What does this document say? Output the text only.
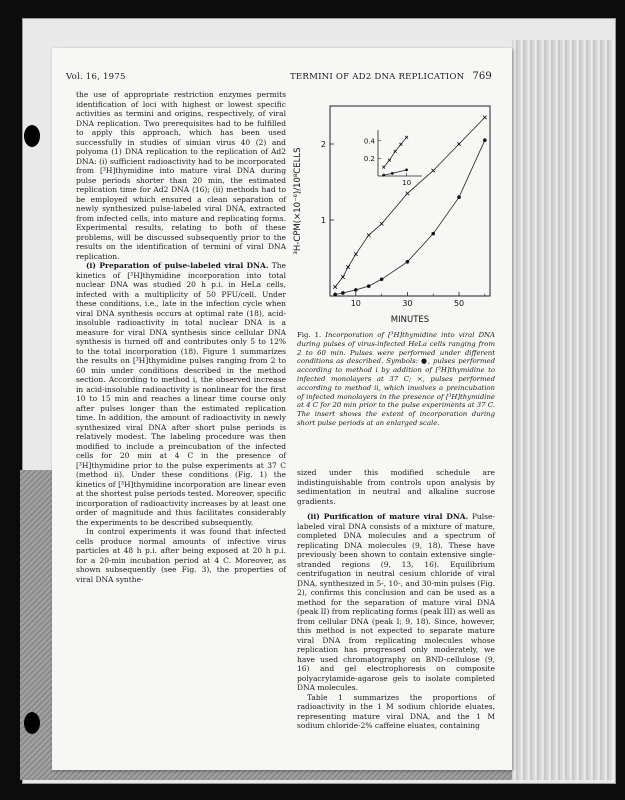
Vol. 16, 1975	TERMINI OF AD2 DNA REPLICATION 769

the use of appropriate restriction enzymes permits identification of loci with highest or lowest specific activities as termini and origins, respectively, of viral DNA replication. Two prerequisites had to be fulfilled to apply this approach, which has been used successfully in studies of simian virus 40 (2) and polyoma (1) DNA replication to the replication of Ad2 DNA: (i) sufficient radioactivity had to be incorporated from [³H]thymidine into mature viral DNA during pulse periods shorter than 20 min, the estimated replication time for Ad2 DNA (16); (ii) methods had to be employed which ensured a clean separation of newly synthesized pulse-labeled viral DNA, extracted from infected cells, into mature and replicating forms. Experimental results, relating to both of these problems, will be discussed subsequently prior to the results on the identification of termini of viral DNA replication.

(i) Preparation of pulse-labeled viral DNA. The kinetics of [³H]thymidine incorporation into total nuclear DNA was studied 20 h p.i. in HeLa cells, infected with a multiplicity of 50 PFU/cell. Under these conditions, i.e., late in the infection cycle when viral DNA synthesis occurs at optimal rate (18), acid-insoluble radioactivity in total nuclear DNA is a measure for viral DNA synthesis since cellular DNA synthesis is turned off and contributes only 5 to 12% to the total incorporation (18). Figure 1 summarizes the results on [³H]thymidine pulses ranging from 2 to 60 min under conditions described in the method section. According to method i, the observed increase in acid-insoluble radioactivity is nonlinear for the first 10 to 15 min and reaches a linear time course only after pulses longer than the estimated replication time. In addition, the amount of radioactivity in newly synthesized viral DNA after short pulse periods is relatively modest. The labeling procedure was then modified to include a preincubation of the infected cells for 20 min at 4 C in the presence of [³H]thymidine prior to the pulse experiments at 37 C (method ii). Under these conditions (Fig. 1) the kinetics of [³H]thymidine incorporation are linear even at the shortest pulse periods tested. Moreover, specific incorporation of radioactivity increases by at least one order of magnitude and thus facilitates considerably the experiments to be described subsequently.

In control experiments it was found that infected cells produce normal amounts of infective virus particles at 48 h p.i. after being exposed at 20 h p.i. for a 20-min incubation period at 4 C. Moreover, as shown subsequently (see Fig. 3), the properties of viral DNA synthe-

³H-CPM(×10⁻⁶)/10⁸CELLS
MINUTES
1
2
10	30	50
0.4
0.2
10
Fig. 1. Incorporation of [³H]thymidine into viral DNA during pulses of virus-infected HeLa cells ranging from 2 to 60 min. Pulses were performed under different conditions as described. Symbols: ●, pulses performed according to method i by addition of [³H]thymidine to infected monolayers at 37 C; ×, pulses performed according to method ii, which involves a preincubation of infected monolayers in the presence of [³H]thymidine at 4 C for 20 min prior to the pulse experiments at 37 C. The insert shows the extent of incorporation during short pulse periods at an enlarged scale.

sized under this modified schedule are indistinguishable from controls upon analysis by sedimentation in neutral and alkaline sucrose gradients.

(ii) Purification of mature viral DNA. Pulse-labeled viral DNA consists of a mixture of mature, completed DNA molecules and a spectrum of replicating DNA molecules (9, 18). These have previously been shown to contain extensive single-stranded regions (9, 13, 16). Equilibrium centrifugation in neutral cesium chloride of viral DNA, synthesized in 5-, 10-, and 30-min pulses (Fig. 2), confirms this conclusion and can be used as a method for the separation of mature viral DNA (peak II) from replicating forms (peak III) as well as from cellular DNA (peak I; 9, 18). Since, however, this method is not expected to separate mature viral DNA from replicating molecules whose replication has progressed only moderately, we have used chromatography on BND-cellulose (9, 16) and gel electrophoresis on composite polyacrylamide-agarose gels to isolate completed DNA molecules.

Table 1 summarizes the proportions of radioactivity in the 1 M sodium chloride eluates, representing mature viral DNA, and the 1 M sodium chloride-2% caffeine eluates, containing
